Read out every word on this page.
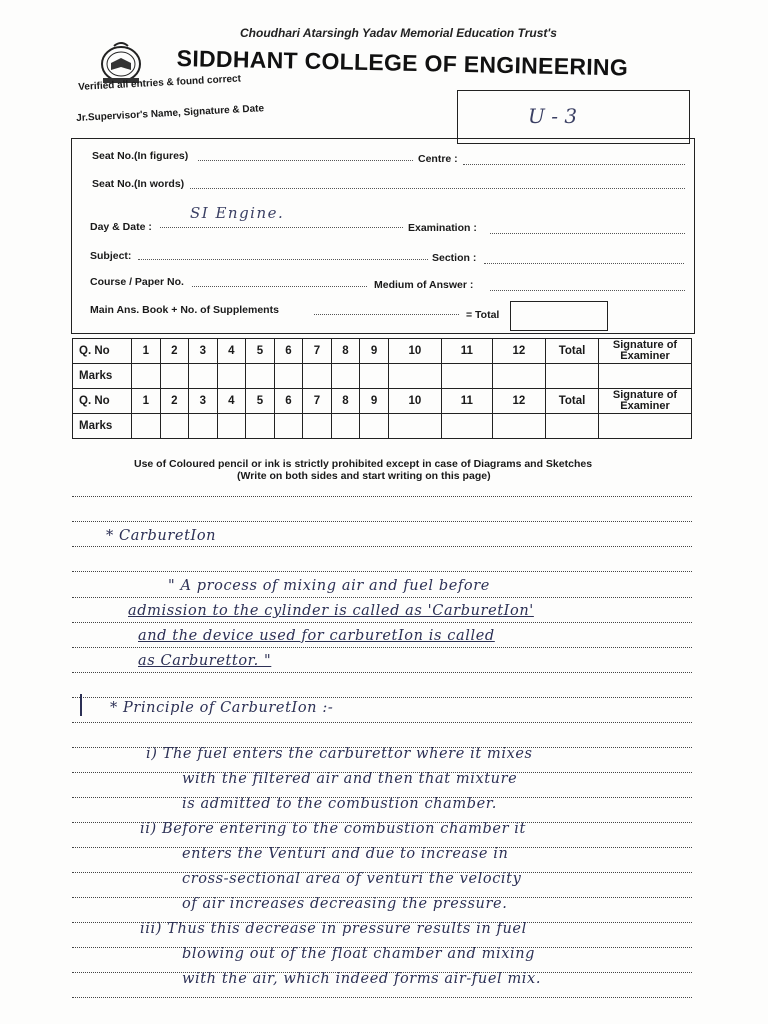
Choudhari Atarsingh Yadav Memorial Education Trust's
SIDDHANT COLLEGE OF ENGINEERING
Verified all entries & found correct
Jr.Supervisor's Name, Signature & Date	U - 3
Seat No.(In figures)	Centre :
Seat No.(In words)
Day & Date :
SI Engine.
Examination :
Subject:	Section :
Course / Paper No.	Medium of Answer :
Main Ans. Book + No. of Supplements	= Total
Q. No	1	2	3	4	5	6	7	8	9	10	11	12	Total	Signature of Examiner
Marks														
Q. No	1	2	3	4	5	6	7	8	9	10	11	12	Total	Signature of Examiner
Marks														
Use of Coloured pencil or ink is strictly prohibited except in case of Diagrams and Sketches
(Write on both sides and start writing on this page)
* CarburetIon
" A process of mixing air and fuel before
admission to the cylinder is called as 'CarburetIon'
and the device used for carburetIon is called
as Carburettor. "
* Principle of CarburetIon :-
i) The fuel enters the carburettor where it mixes
with the filtered air and then that mixture
is admitted to the combustion chamber.
ii) Before entering to the combustion chamber it
enters the Venturi and due to increase in
cross-sectional area of venturi the velocity
of air increases decreasing the pressure.
iii) Thus this decrease in pressure results in fuel
blowing out of the float chamber and mixing
with the air, which indeed forms air-fuel mix.
